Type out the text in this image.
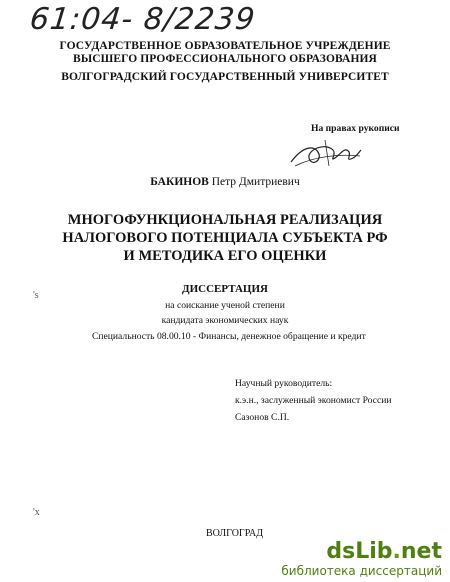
61:04- 8/2239
ГОСУДАРСТВЕННОЕ ОБРАЗОВАТЕЛЬНОЕ УЧРЕЖДЕНИЕ
ВЫСШЕГО ПРОФЕССИОНАЛЬНОГО ОБРАЗОВАНИЯ
ВОЛГОГРАДСКИЙ ГОСУДАРСТВЕННЫЙ УНИВЕРСИТЕТ
На правах рукописи
БАКИНОВ Петр Дмитриевич
МНОГОФУНКЦИОНАЛЬНАЯ РЕАЛИЗАЦИЯ
НАЛОГОВОГО ПОТЕНЦИАЛА СУБЪЕКТА РФ
И МЕТОДИКА ЕГО ОЦЕНКИ
ДИССЕРТАЦИЯ
на соискание ученой степени
кандидата экономических наук
Специальность 08.00.10 - Финансы, денежное обращение и кредит
's
'x
Научный руководитель:
к.э.н., заслуженный экономист России
Сазонов С.П.
ВОЛГОГРАД
dsLib.net
библиотека диссертаций
